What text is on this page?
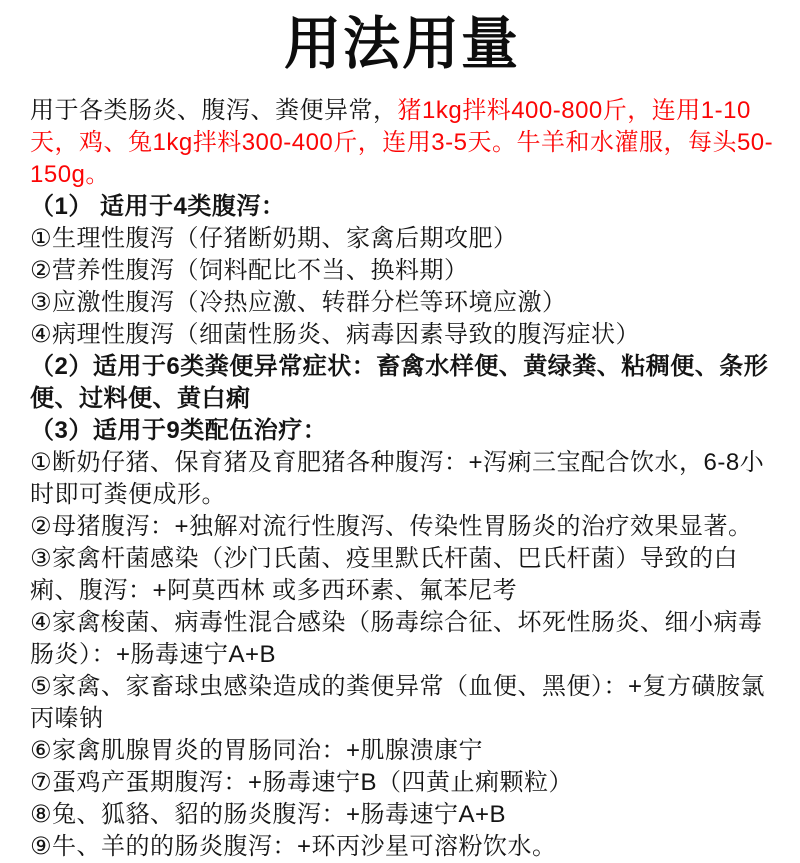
用法用量

用于各类肠炎、腹泻、粪便异常，猪1kg拌料400-800斤，连用1-10天，鸡、兔1kg拌料300-400斤，连用3-5天。牛羊和水灌服，每头50-150g。

（1） 适用于4类腹泻：

①生理性腹泻（仔猪断奶期、家禽后期攻肥）

②营养性腹泻（饲料配比不当、换料期）

③应激性腹泻（冷热应激、转群分栏等环境应激）

④病理性腹泻（细菌性肠炎、病毒因素导致的腹泻症状）

（2）适用于6类粪便异常症状：畜禽水样便、黄绿粪、粘稠便、条形便、过料便、黄白痢

（3）适用于9类配伍治疗：

①断奶仔猪、保育猪及育肥猪各种腹泻：+泻痢三宝配合饮水，6-8小时即可粪便成形。

②母猪腹泻：+独解对流行性腹泻、传染性胃肠炎的治疗效果显著。

③家禽杆菌感染（沙门氏菌、疫里默氏杆菌、巴氏杆菌）导致的白痢、腹泻：+阿莫西林 或多西环素、氟苯尼考

④家禽梭菌、病毒性混合感染（肠毒综合征、坏死性肠炎、细小病毒肠炎）：+肠毒速宁A+B

⑤家禽、家畜球虫感染造成的粪便异常（血便、黑便）：+复方磺胺氯丙嗪钠

⑥家禽肌腺胃炎的胃肠同治：+肌腺溃康宁

⑦蛋鸡产蛋期腹泻：+肠毒速宁B（四黄止痢颗粒）

⑧兔、狐貉、貂的肠炎腹泻：+肠毒速宁A+B

⑨牛、羊的的肠炎腹泻：+环丙沙星可溶粉饮水。
